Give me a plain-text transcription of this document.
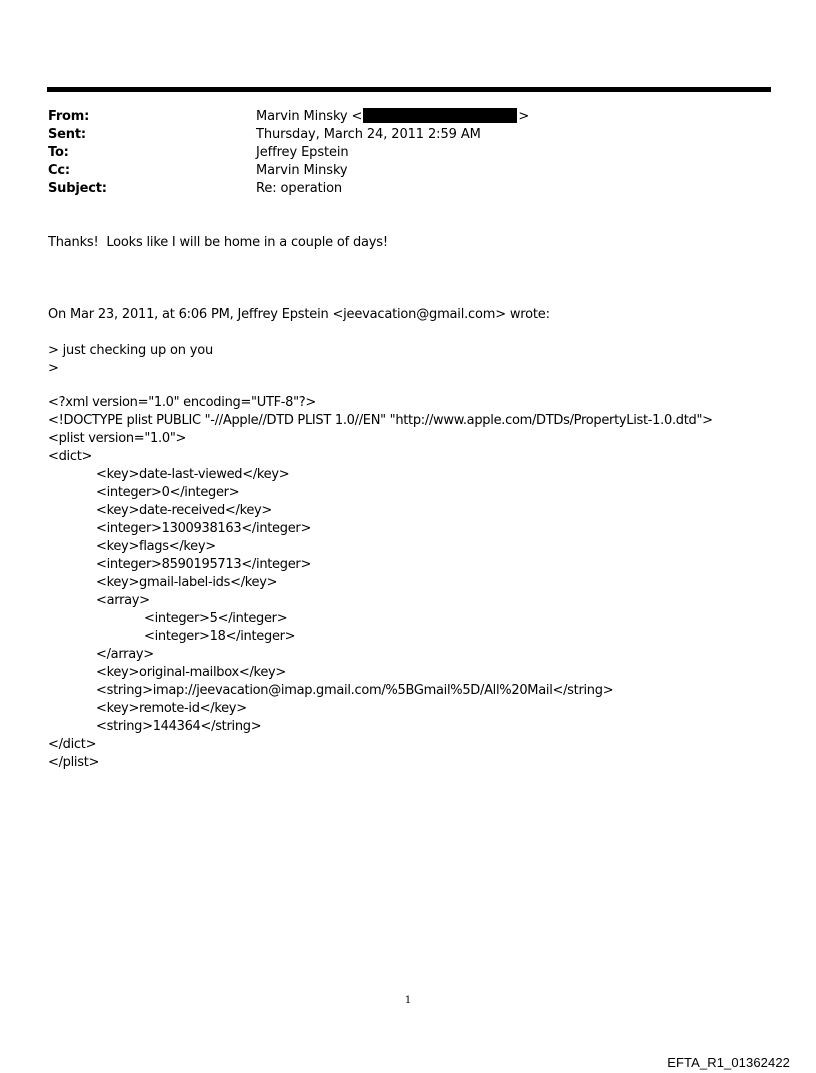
From:	Marvin Minsky <	>
Sent:	Thursday, March 24, 2011 2:59 AM
To:	Jeffrey Epstein
Cc:	Marvin Minsky
Subject:	Re: operation
Thanks!  Looks like I will be home in a couple of days!
On Mar 23, 2011, at 6:06 PM, Jeffrey Epstein <jeevacation@gmail.com> wrote:
> just checking up on you
>
<?xml version="1.0" encoding="UTF-8"?>
<!DOCTYPE plist PUBLIC "-//Apple//DTD PLIST 1.0//EN" "http://www.apple.com/DTDs/PropertyList-1.0.dtd">
<plist version="1.0">
<dict>
<key>date-last-viewed</key>
<integer>0</integer>
<key>date-received</key>
<integer>1300938163</integer>
<key>flags</key>
<integer>8590195713</integer>
<key>gmail-label-ids</key>
<array>
<integer>5</integer>
<integer>18</integer>
</array>
<key>original-mailbox</key>
<string>imap://jeevacation@imap.gmail.com/%5BGmail%5D/All%20Mail</string>
<key>remote-id</key>
<string>144364</string>
</dict>
</plist>
1
EFTA_R1_01362422
